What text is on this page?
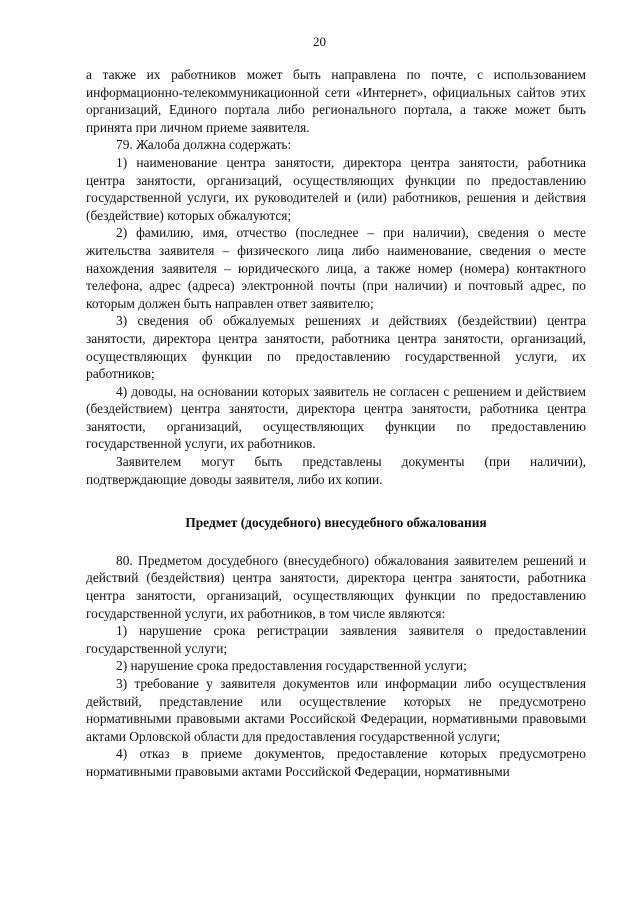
20

а также их работников может быть направлена по почте, с использованием информационно-телекоммуникационной сети «Интернет», официальных сайтов этих организаций, Единого портала либо регионального портала, а также может быть принята при личном приеме заявителя.

79. Жалоба должна содержать:

1) наименование центра занятости, директора центра занятости, работника центра занятости, организаций, осуществляющих функции по предоставлению государственной услуги, их руководителей и (или) работников, решения и действия (бездействие) которых обжалуются;

2) фамилию, имя, отчество (последнее – при наличии), сведения о месте жительства заявителя – физического лица либо наименование, сведения о месте нахождения заявителя – юридического лица, а также номер (номера) контактного телефона, адрес (адреса) электронной почты (при наличии) и почтовый адрес, по которым должен быть направлен ответ заявителю;

3) сведения об обжалуемых решениях и действиях (бездействии) центра занятости, директора центра занятости, работника центра занятости, организаций, осуществляющих функции по предоставлению государственной услуги, их работников;

4) доводы, на основании которых заявитель не согласен с решением и действием (бездействием) центра занятости, директора центра занятости, работника центра занятости, организаций, осуществляющих функции по предоставлению государственной услуги, их работников.

Заявителем могут быть представлены документы (при наличии), подтверждающие доводы заявителя, либо их копии.

Предмет (досудебного) внесудебного обжалования

80. Предметом досудебного (внесудебного) обжалования заявителем решений и действий (бездействия) центра занятости, директора центра занятости, работника центра занятости, организаций, осуществляющих функции по предоставлению государственной услуги, их работников, в том числе являются:

1) нарушение срока регистрации заявления заявителя о предоставлении государственной услуги;

2) нарушение срока предоставления государственной услуги;

3) требование у заявителя документов или информации либо осуществления действий, представление или осуществление которых не предусмотрено нормативными правовыми актами Российской Федерации, нормативными правовыми актами Орловской области для предоставления государственной услуги;

4) отказ в приеме документов, предоставление которых предусмотрено нормативными правовыми актами Российской Федерации, нормативными
